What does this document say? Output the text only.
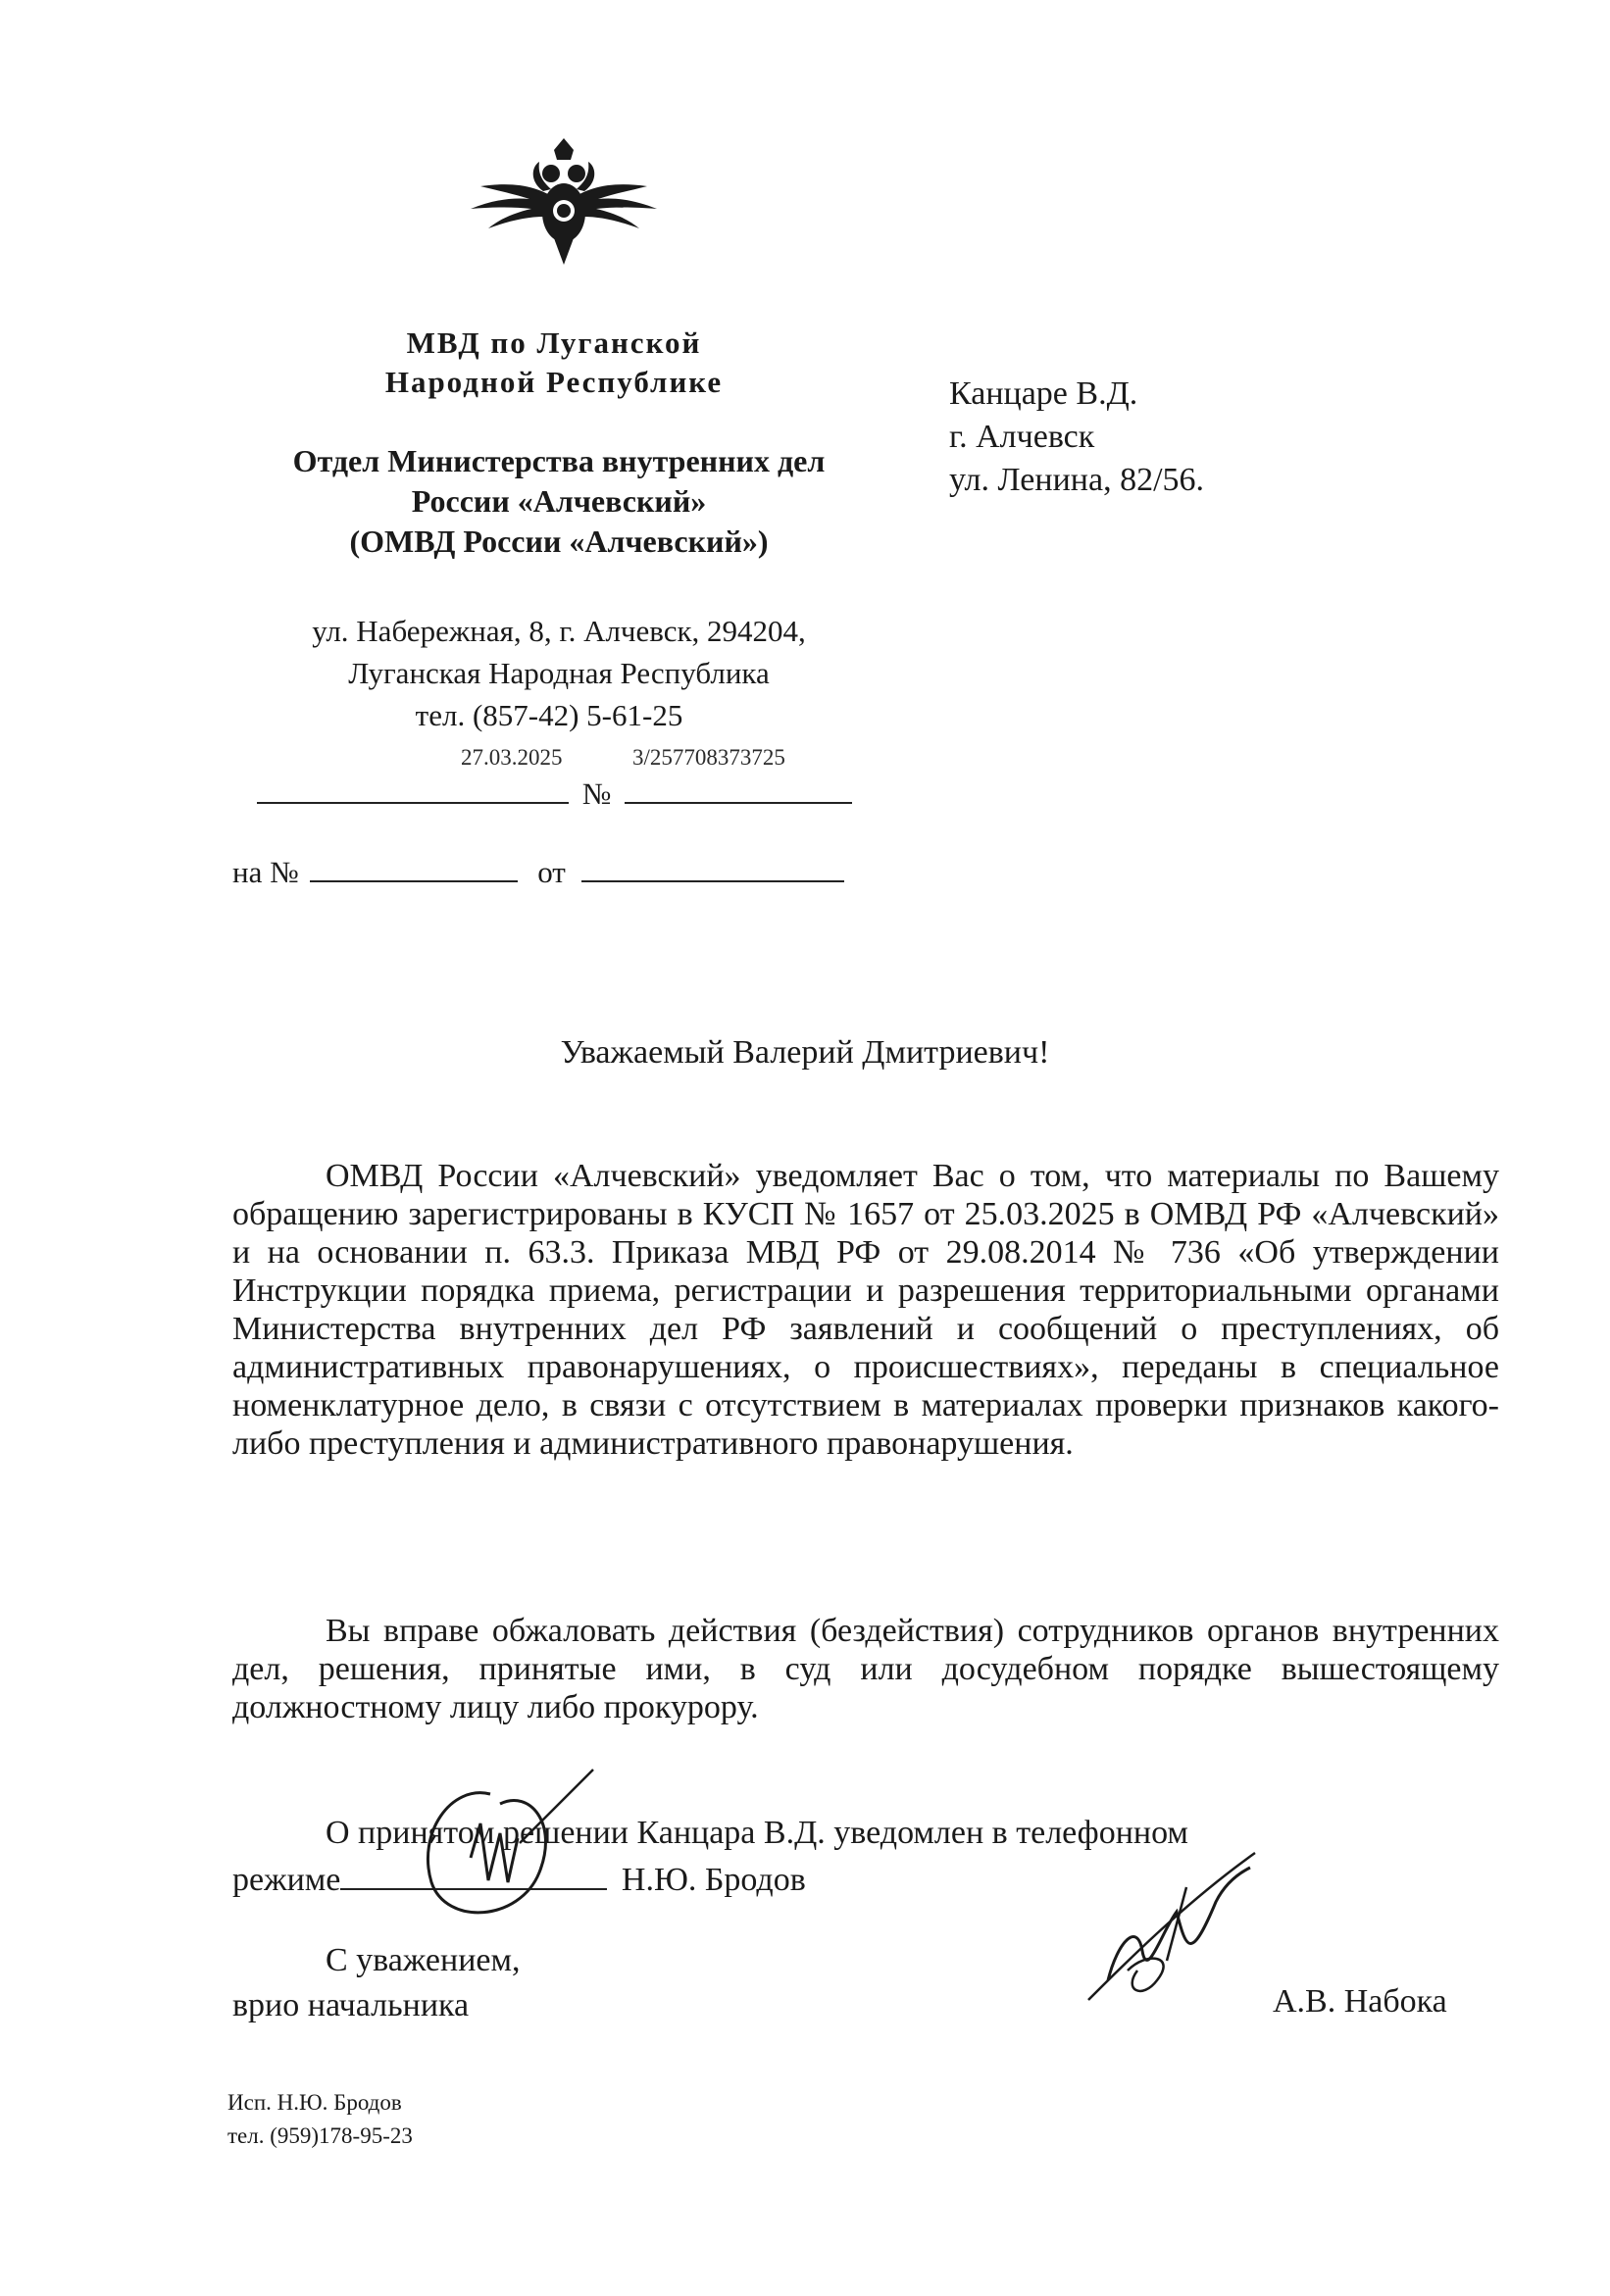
МВД по Луганской
Народной Республике
Отдел Министерства внутренних дел
России «Алчевский»
(ОМВД России «Алчевский»)
ул. Набережная, 8, г. Алчевск, 294204,
Луганская Народная Республика
тел. (857-42) 5-61-25
27.03.2025	3/257708373725
№
на №	от
Канцаре В.Д.
г. Алчевск
ул. Ленина, 82/56.
Уважаемый Валерий Дмитриевич!

ОМВД России «Алчевский» уведомляет Вас о том, что материалы по Вашему обращению зарегистрированы в КУСП № 1657 от 25.03.2025 в ОМВД РФ «Алчевский» и на основании п. 63.3. Приказа МВД РФ от 29.08.2014 № 736 «Об утверждении Инструкции порядка приема, регистрации и разрешения территориальными органами Министерства внутренних дел РФ заявлений и сообщений о преступлениях, об административных правонарушениях, о происшествиях», переданы в специальное номенклатурное дело, в связи с отсутствием в материалах проверки признаков какого-либо преступления и административного правонарушения.

Вы вправе обжаловать действия (бездействия) сотрудников органов внутренних дел, решения, принятые ими, в суд или досудебном порядке вышестоящему должностному лицу либо прокурору.

О принятом решении Канцара В.Д. уведомлен в телефонном
режиме	Н.Ю. Бродов
С уважением,
врио начальника	А.В. Набока
Исп. Н.Ю. Бродов
тел. (959)178-95-23
